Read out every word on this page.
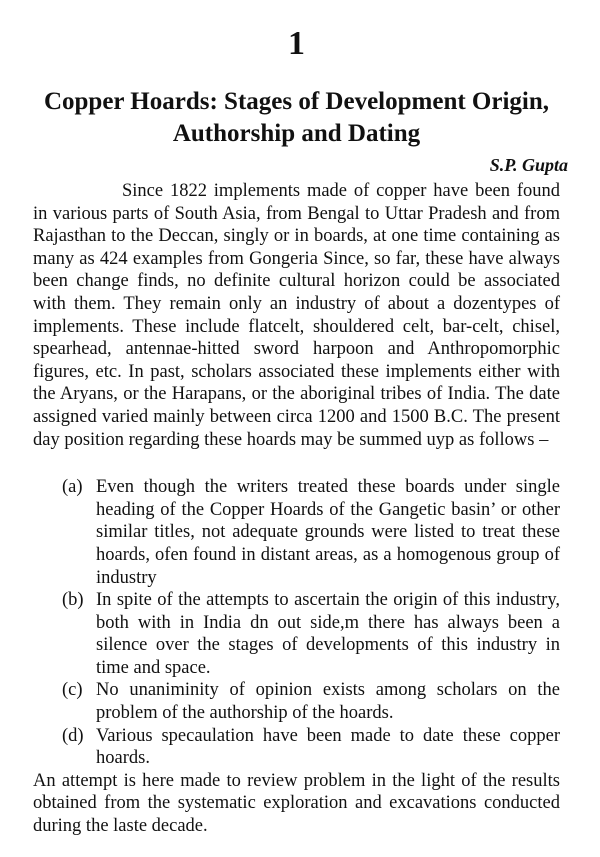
1
Copper Hoards: Stages of Development Origin, Authorship and Dating
S.P. Gupta

Since 1822 implements made of copper have been found in various parts of South Asia, from Bengal to Uttar Pradesh and from Rajasthan to the Deccan, singly or in boards, at one time containing as many as 424 examples from Gongeria Since, so far, these have always been change finds, no definite cultural horizon could be associated with them. They remain only an industry of about a dozentypes of implements. These include flatcelt, shouldered celt, bar-celt, chisel, spearhead, antennae-hitted sword harpoon and Anthropomorphic figures, etc. In past, scholars associated these implements either with the Aryans, or the Harapans, or the aboriginal tribes of India. The date assigned varied mainly between circa 1200 and 1500 B.C. The present day position regarding these hoards may be summed uyp as follows –

(a) Even though the writers treated these boards under single heading of the Copper Hoards of the Gangetic basin’ or other similar titles, not adequate grounds were listed to treat these hoards, ofen found in distant areas, as a homogenous group of industry
(b) In spite of the attempts to ascertain the origin of this industry, both with in India dn out side,m there has always been a silence over the stages of developments of this industry in time and space.
(c) No unaniminity of opinion exists among scholars on the problem of the authorship of the hoards.
(d) Various specaulation have been made to date these copper hoards.

An attempt is here made to review problem in the light of the results obtained from the systematic exploration and excavations conducted during the laste decade.
